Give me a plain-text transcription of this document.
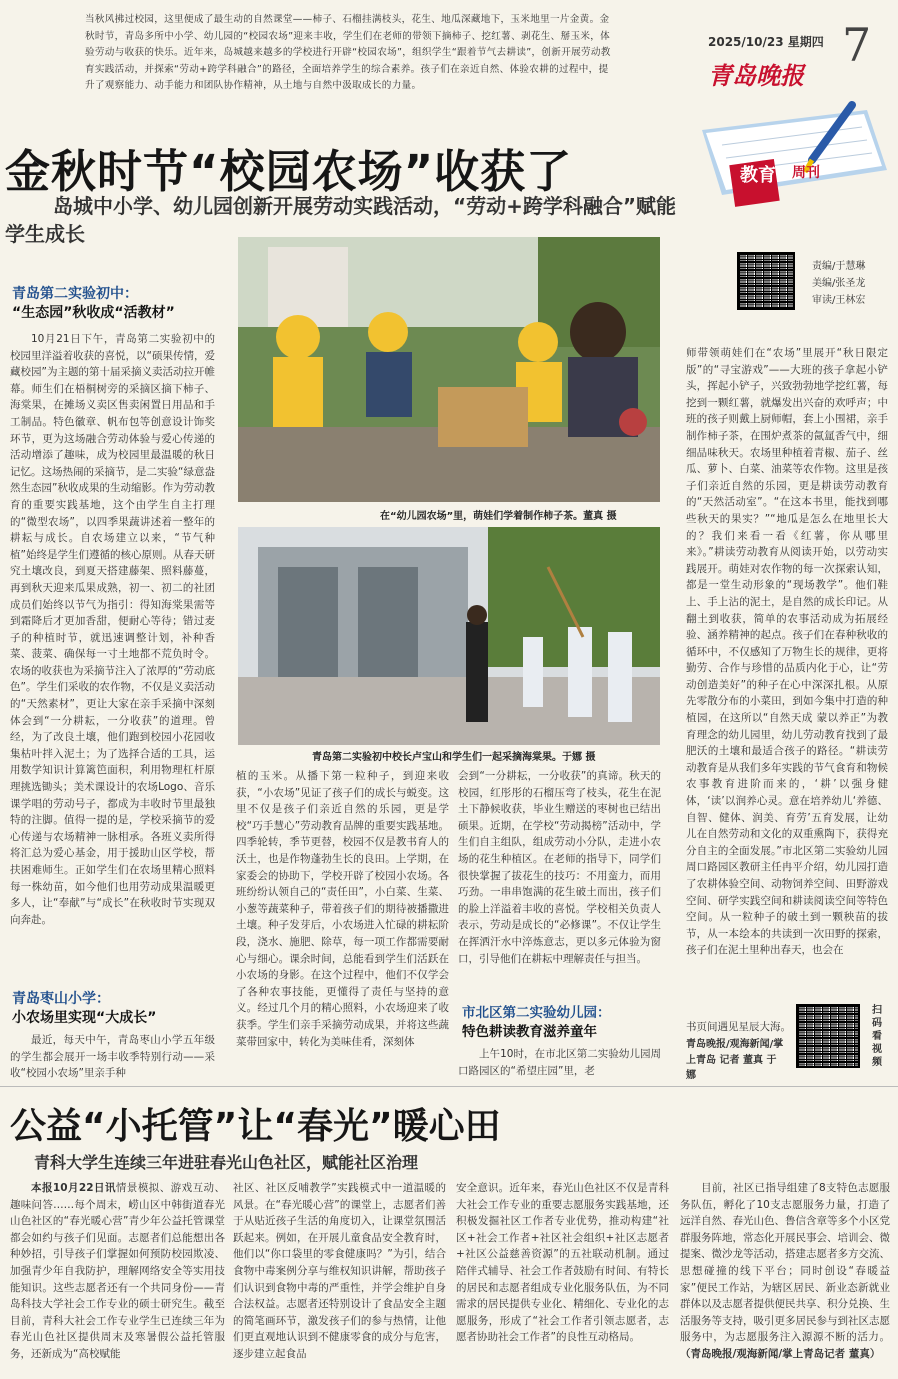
当秋风拂过校园，这里便成了最生动的自然课堂——柿子、石榴挂满枝头，花生、地瓜深藏地下，玉米地里一片金黄。金秋时节，青岛多所中小学、幼儿园的“校园农场”迎来丰收，学生们在老师的带领下摘柿子、挖红薯、剥花生、掰玉米，体验劳动与收获的快乐。近年来，岛城越来越多的学校进行开辟“校园农场”，组织学生“跟着节气去耕读”，创新开展劳动教育实践活动，并探索“劳动+跨学科融合”的路径，全面培养学生的综合素养。孩子们在亲近自然、体验农耕的过程中，提升了观察能力、动手能力和团队协作精神，从土地与自然中汲取成长的力量。
2025/10/23 星期四 7
青岛晚报
教育 周刊
责编/于慧琳
美编/张圣龙
审读/王林宏
金秋时节“校园农场”收获了
岛城中小学、幼儿园创新开展劳动实践活动，“劳动+跨学科融合”赋能学生成长
青岛第二实验初中：
“生态园”秋收成“活教材”
10月21日下午，青岛第二实验初中的校园里洋溢着收获的喜悦，以“硕果传情，爱藏校园”为主题的第十届采摘义卖活动拉开帷幕。师生们在梧桐树旁的采摘区摘下柿子、海棠果，在摊场义卖区售卖闲置日用品和手工制品。特色徽章、帆布包等创意设计饰奖环节，更为这场融合劳动体验与爱心传递的活动增添了趣味，成为校园里最温暖的秋日记忆。这场热闹的采摘节，是二实验“绿意盎然生态园”秋收成果的生动缩影。作为劳动教育的重要实践基地，这个由学生自主打理的“微型农场”，以四季果蔬讲述着一整年的耕耘与成长。自农场建立以来，“节气种植”始终是学生们遵循的核心原则。从春天研究土壤改良，到夏天搭建藤架、照料藤蔓，再到秋天迎来瓜果成熟，初一、初二的社团成员们始终以节气为指引：得知海棠果需等到霜降后才更加香甜，便耐心等待；错过麦子的种植时节，就迅速调整计划，补种香菜、菠菜、确保每一寸土地都不荒负时令。农场的收获也为采摘节注入了浓厚的“劳动底色”。学生们采收的农作物，不仅是义卖活动的“天然素材”，更让大家在亲手采摘中深刻体会到“一分耕耘，一分收获”的道理。曾经，为了改良土壤，他们跑到校园小花园收集枯叶拌入泥土；为了选择合适的工具，运用数学知识计算篱笆面积，利用物理杠杆原理挑选锄头；美术课设计的农场Logo、音乐课学唱的劳动号子，都成为丰收时节里最独特的注脚。值得一提的是，学校采摘节的爱心传递与农场精神一脉相承。各班义卖所得将汇总为爱心基金，用于援助山区学校，帮扶困难师生。正如学生们在农场里精心照料每一株幼苗，如今他们也用劳动成果温暖更多人，让“奉献”与“成长”在秋收时节实现双向奔赴。
青岛枣山小学：
小农场里实现“大成长”
最近，每天中午，青岛枣山小学五年级的学生都会展开一场丰收季特别行动——采收“校园小农场”里亲手种
在“幼儿园农场”里，萌娃们学着制作柿子茶。董真 摄
青岛第二实验初中校长卢宝山和学生们一起采摘海棠果。于娜 摄
植的玉米。从播下第一粒种子，到迎来收获，“小农场”见证了孩子们的成长与蜕变。这里不仅是孩子们亲近自然的乐园，更是学校“巧手慧心”劳动教育品牌的重要实践基地。四季轮转，季节更替，校园不仅是教书育人的沃土，也是作物蓬勃生长的良田。上学期，在家委会的协助下，学校开辟了校园小农场。各班纷纷认领自己的“责任田”，小白菜、生菜、小葱等蔬菜种子，带着孩子们的期待被播撒进土壤。种子发芽后，小农场进入忙碌的耕耘阶段，浇水、施肥、除草，每一项工作都需要耐心与细心。课余时间，总能看到学生们活跃在小农场的身影。在这个过程中，他们不仅学会了各种农事技能，更懂得了责任与坚持的意义。经过几个月的精心照料，小农场迎来了收获季。学生们亲手采摘劳动成果，并将这些蔬菜带回家中，转化为美味佳肴，深刻体
会到“一分耕耘，一分收获”的真谛。秋天的校园，红彤彤的石榴压弯了枝头，花生在泥土下静候收获，毕业生赠送的枣树也已结出硕果。近期，在学校“劳动揭榜”活动中，学生们自主组队，组成劳动小分队，走进小农场的花生种植区。在老师的指导下，同学们很快掌握了拔花生的技巧：不用蛮力，而用巧劲。一串串饱满的花生破土而出，孩子们的脸上洋溢着丰收的喜悦。学校相关负责人表示，劳动是成长的“必修课”。不仅让学生在挥洒汗水中淬炼意志，更以多元体验为窗口，引导他们在耕耘中理解责任与担当。
市北区第二实验幼儿园：
特色耕读教育滋养童年
上午10时，在市北区第二实验幼儿园周口路园区的“希望庄园”里，老
师带领萌娃们在“农场”里展开“秋日限定版”的“寻宝游戏”——大班的孩子拿起小铲头，挥起小铲子，兴致勃勃地学挖红薯，每挖到一颗红薯，就爆发出兴奋的欢呼声；中班的孩子则戴上厨师帽，套上小围裙，亲手制作柿子茶，在围炉煮茶的氤氲香气中，细细品味秋天。农场里种植着青椒、茄子、丝瓜、萝卜、白菜、油菜等农作物。这里是孩子们亲近自然的乐园，更是耕读劳动教育的“天然活动室”。“在这本书里，能找到哪些秋天的果实？”“地瓜是怎么在地里长大的？我们来看一看《红薯，你从哪里来》。”耕读劳动教育从阅读开始，以劳动实践展开。萌娃对农作物的每一次探索认知，都是一堂生动形象的“现场教学”。他们鞋上、手上沾的泥土，是自然的成长印记。从翻土到收获，简单的农事活动成为拓展经验、涵养精神的起点。孩子们在春种秋收的循环中，不仅感知了万物生长的规律，更将勤劳、合作与珍惜的品质内化于心，让“劳动创造美好”的种子在心中深深扎根。从原先零散分布的小菜田，到如今集中打造的种植园，在这所以“自然天成 蒙以养正”为教育理念的幼儿园里，幼儿劳动教育找到了最肥沃的土壤和最适合孩子的路径。“耕读劳动教育是从我们多年实践的节气食育和物候农事教育进阶而来的，‘耕’以强身健体，‘读’以润养心灵。意在培养幼儿‘养德、自智、健体、润美、育劳’五育发展，让幼儿在自然劳动和文化的双重熏陶下，获得充分自主的全面发展。”市北区第二实验幼儿园周口路园区教研主任冉平介绍，幼儿园打造了农耕体验空间、动物饲养空间、田野游戏空间、研学实践空间和耕读阅读空间等特色空间。从一粒种子的破土到一颗秧苗的拔节，从一本绘本的共读到一次田野的探索，孩子们在泥土里种出春天，也会在
书页间遇见星辰大海。
青岛晚报/观海新闻/掌上青岛 记者 董真 于娜
扫码看视频
公益“小托管”让“春光”暖心田
青科大学生连续三年进驻春光山色社区，赋能社区治理
本报10月22日讯情景模拟、游戏互动、趣味问答……每个周末，崂山区中韩街道春光山色社区的“春光暖心营”青少年公益托管课堂都会如约与孩子们见面。志愿者们总能想出各种妙招，引导孩子们掌握如何预防校园欺凌、加强青少年自我防护，理解网络安全等实用技能知识。这些志愿者还有一个共同身份——青岛科技大学社会工作专业的硕士研究生。截至目前，青科大社会工作专业学生已连续三年为春光山色社区提供周末及寒暑假公益托管服务，还新成为“高校赋能
社区、社区反哺教学”实践模式中一道温暖的风景。在“春光暖心营”的课堂上，志愿者们善于从贴近孩子生活的角度切入，让课堂氛围活跃起来。例如，在开展儿童食品安全教育时，他们以“你口袋里的零食健康吗？”为引，结合食物中毒案例分享与维权知识讲解，帮助孩子们认识到食物中毒的严重性，并学会维护自身合法权益。志愿者还特别设计了食品安全主题的简笔画环节，激发孩子们的参与热情，让他们更直观地认识到不健康零食的成分与危害，逐步建立起食品
安全意识。近年来，春光山色社区不仅是青科大社会工作专业的重要志愿服务实践基地，还积极发掘社区工作者专业优势，推动构建“社区+社会工作者+社区社会组织+社区志愿者+社区公益慈善资源”的五社联动机制。通过陪伴式辅导、社会工作者鼓励有时间、有特长的居民和志愿者组成专业化服务队伍，为不同需求的居民提供专业化、精细化、专业化的志愿服务，形成了“社会工作者引领志愿者，志愿者协助社会工作者”的良性互动格局。
目前，社区已指导组建了8支特色志愿服务队伍，孵化了10支志愿服务力量，打造了远洋自然、春光山色、鲁信含章等多个小区党群服务阵地，常态化开展民事会、培训会、微提案、微沙龙等活动，搭建志愿者多方交流、思想碰撞的线下平台；同时创设“春暖益家”便民工作站，为辖区居民、新业态新就业群体以及志愿者提供便民共享、积分兑换、生活服务等支持，吸引更多居民参与到社区志愿服务中，为志愿服务注入源源不断的活力。（青岛晚报/观海新闻/掌上青岛记者 董真）
